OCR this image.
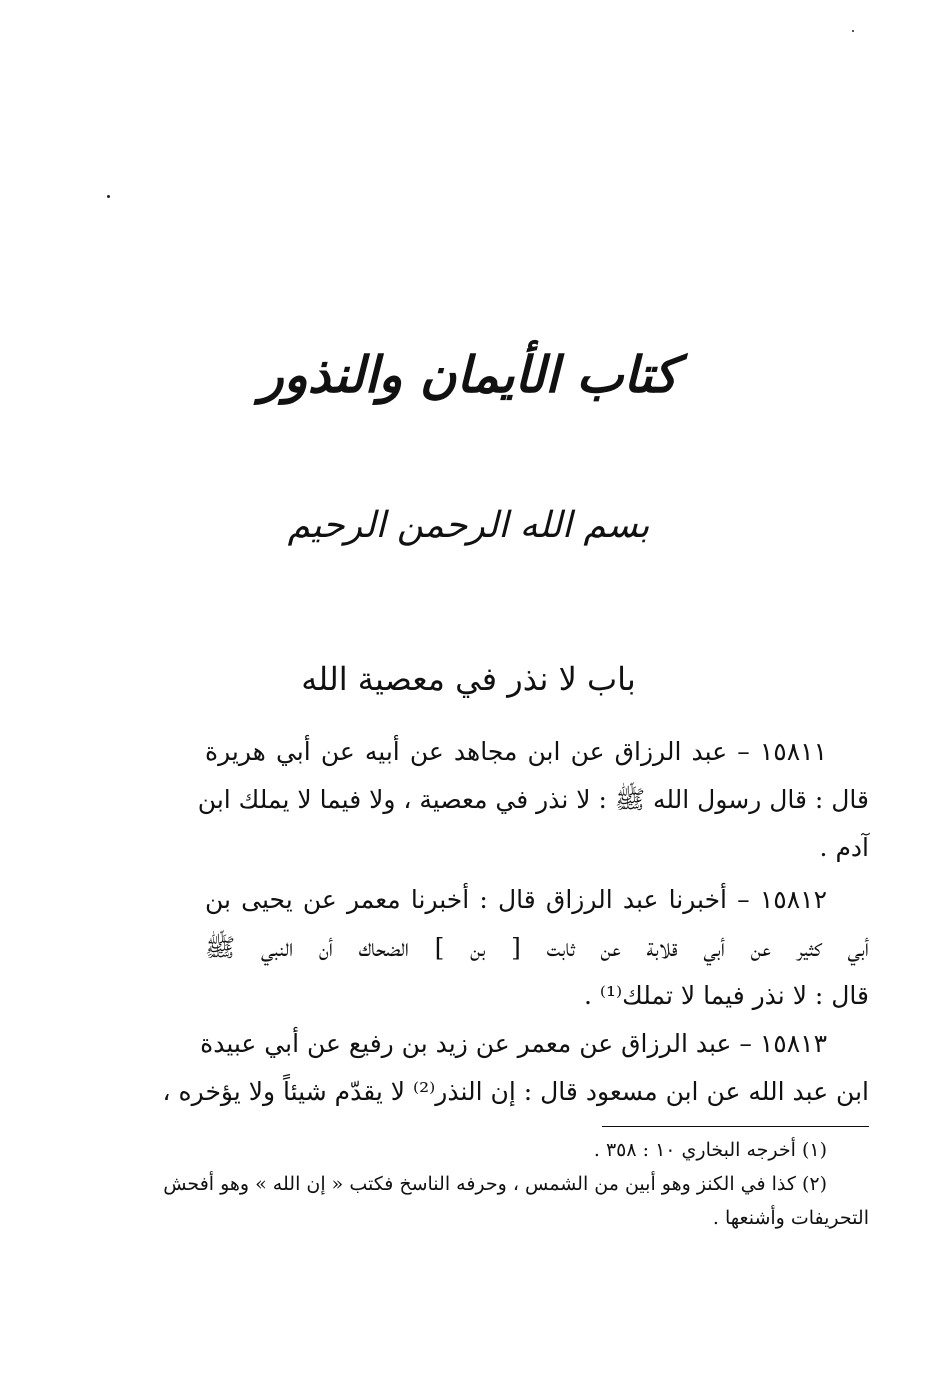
كتاب الأيمان والنذور
بسم الله الرحمن الرحيم
باب لا نذر في معصية الله
١٥٨١١ – عبد الرزاق عن ابن مجاهد عن أبيه عن أبي هريرة
قال : قال رسول الله ﷺ : لا نذر في معصية ، ولا فيما لا يملك ابن
آدم .
١٥٨١٢ – أخبرنا عبد الرزاق قال : أخبرنا معمر عن يحيى بن
أبي كثير عن أبي قلابة عن ثابت [ بن ] الضحاك أن النبي ﷺ
قال : لا نذر فيما لا تملك⁽¹⁾ .
١٥٨١٣ – عبد الرزاق عن معمر عن زيد بن رفيع عن أبي عبيدة
ابن عبد الله عن ابن مسعود قال : إن النذر⁽²⁾ لا يقدّم شيئاً ولا يؤخره ،
(١) أخرجه البخاري ١٠ : ٣٥٨ .
(٢) كذا في الكنز وهو أبين من الشمس ، وحرفه الناسخ فكتب « إن الله » وهو أفحش
التحريفات وأشنعها .
